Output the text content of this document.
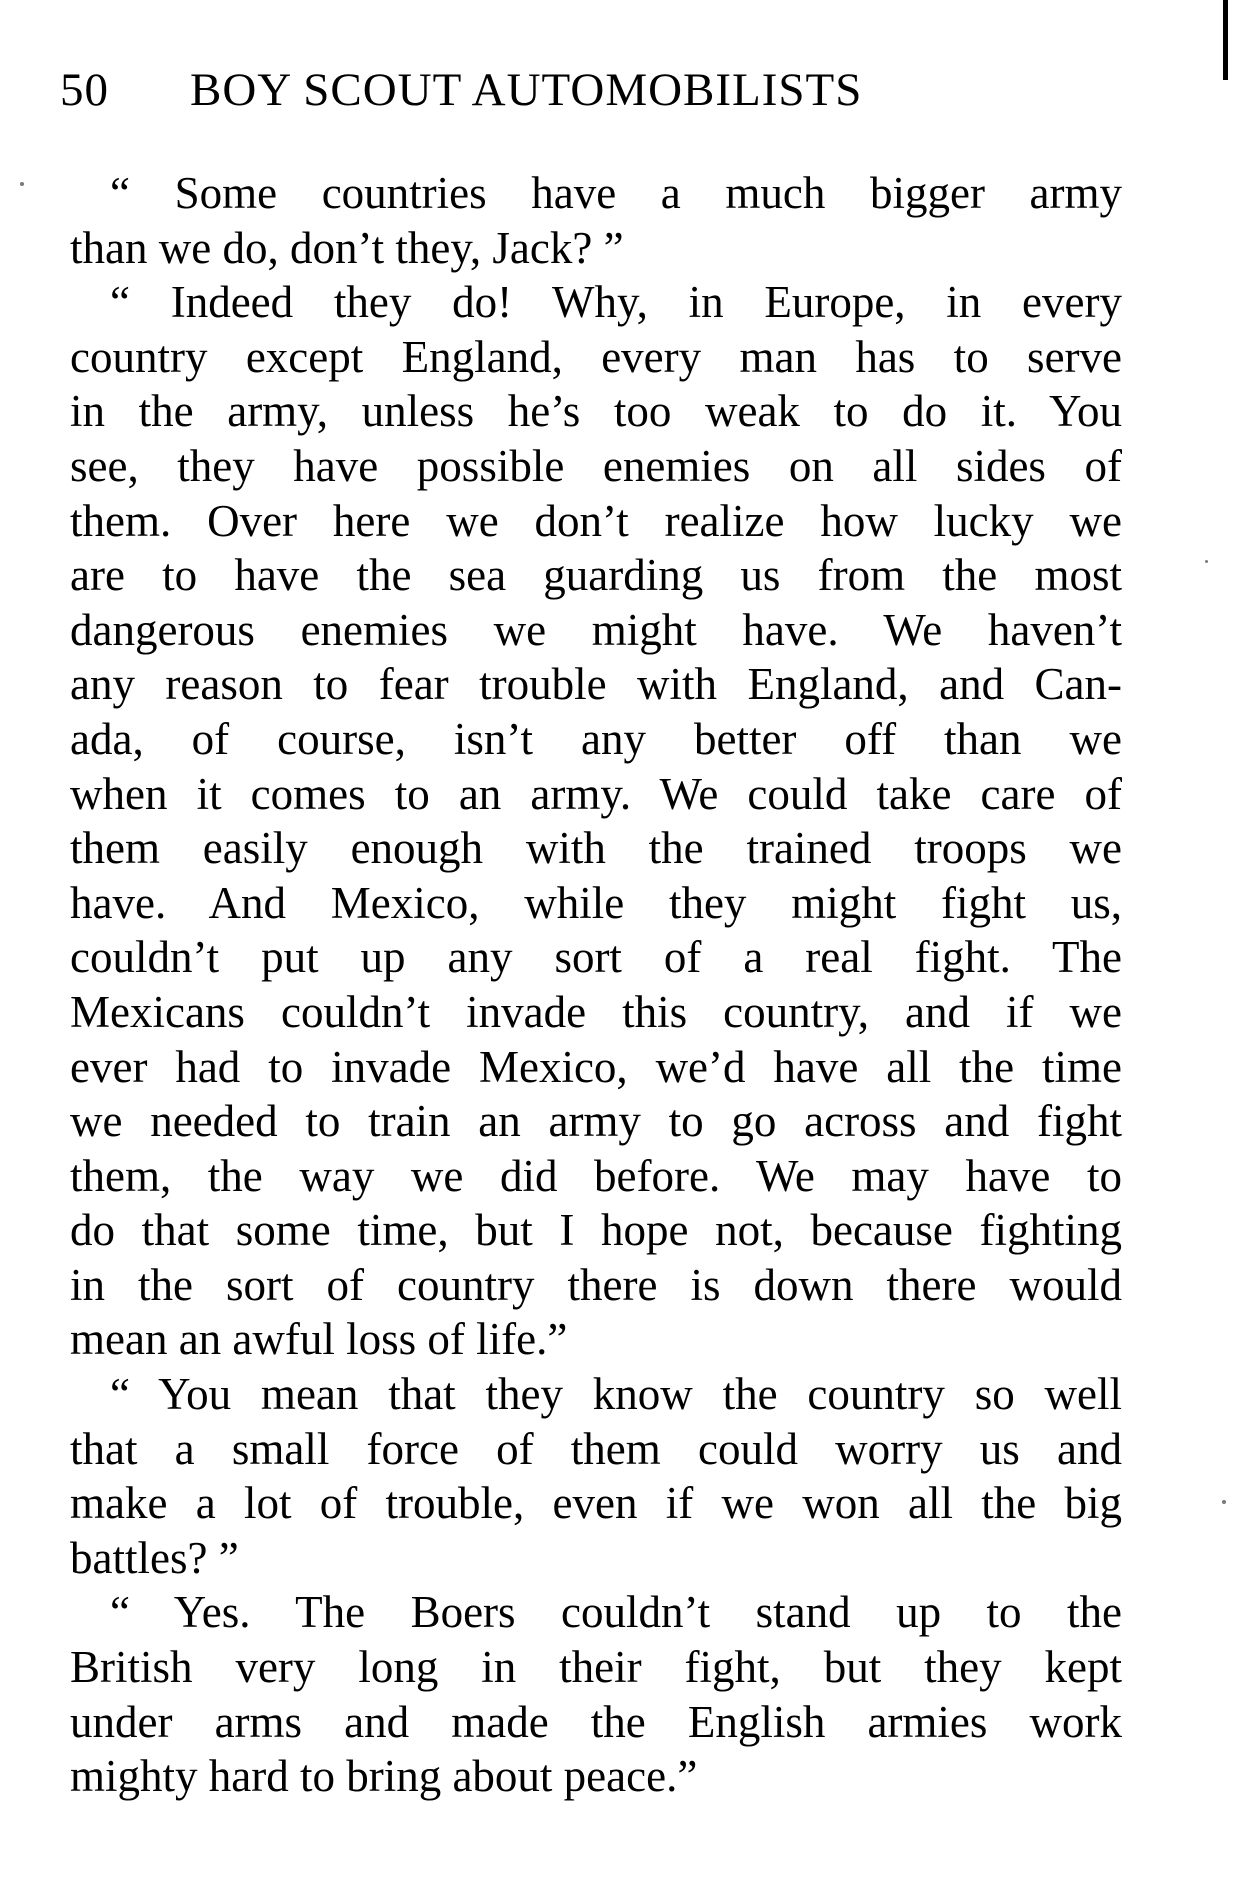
50 BOY SCOUT AUTOMOBILISTS
“ Some countries have a much bigger army
than we do, don’t they, Jack? ”
“ Indeed they do! Why, in Europe, in every
country except England, every man has to serve
in the army, unless he’s too weak to do it. You
see, they have possible enemies on all sides of
them. Over here we don’t realize how lucky we
are to have the sea guarding us from the most
dangerous enemies we might have. We haven’t
any reason to fear trouble with England, and Can-
ada, of course, isn’t any better off than we
when it comes to an army. We could take care of
them easily enough with the trained troops we
have. And Mexico, while they might fight us,
couldn’t put up any sort of a real fight. The
Mexicans couldn’t invade this country, and if we
ever had to invade Mexico, we’d have all the time
we needed to train an army to go across and fight
them, the way we did before. We may have to
do that some time, but I hope not, because fighting
in the sort of country there is down there would
mean an awful loss of life.”
“ You mean that they know the country so well
that a small force of them could worry us and
make a lot of trouble, even if we won all the big
battles? ”
“ Yes. The Boers couldn’t stand up to the
British very long in their fight, but they kept
under arms and made the English armies work
mighty hard to bring about peace.”
